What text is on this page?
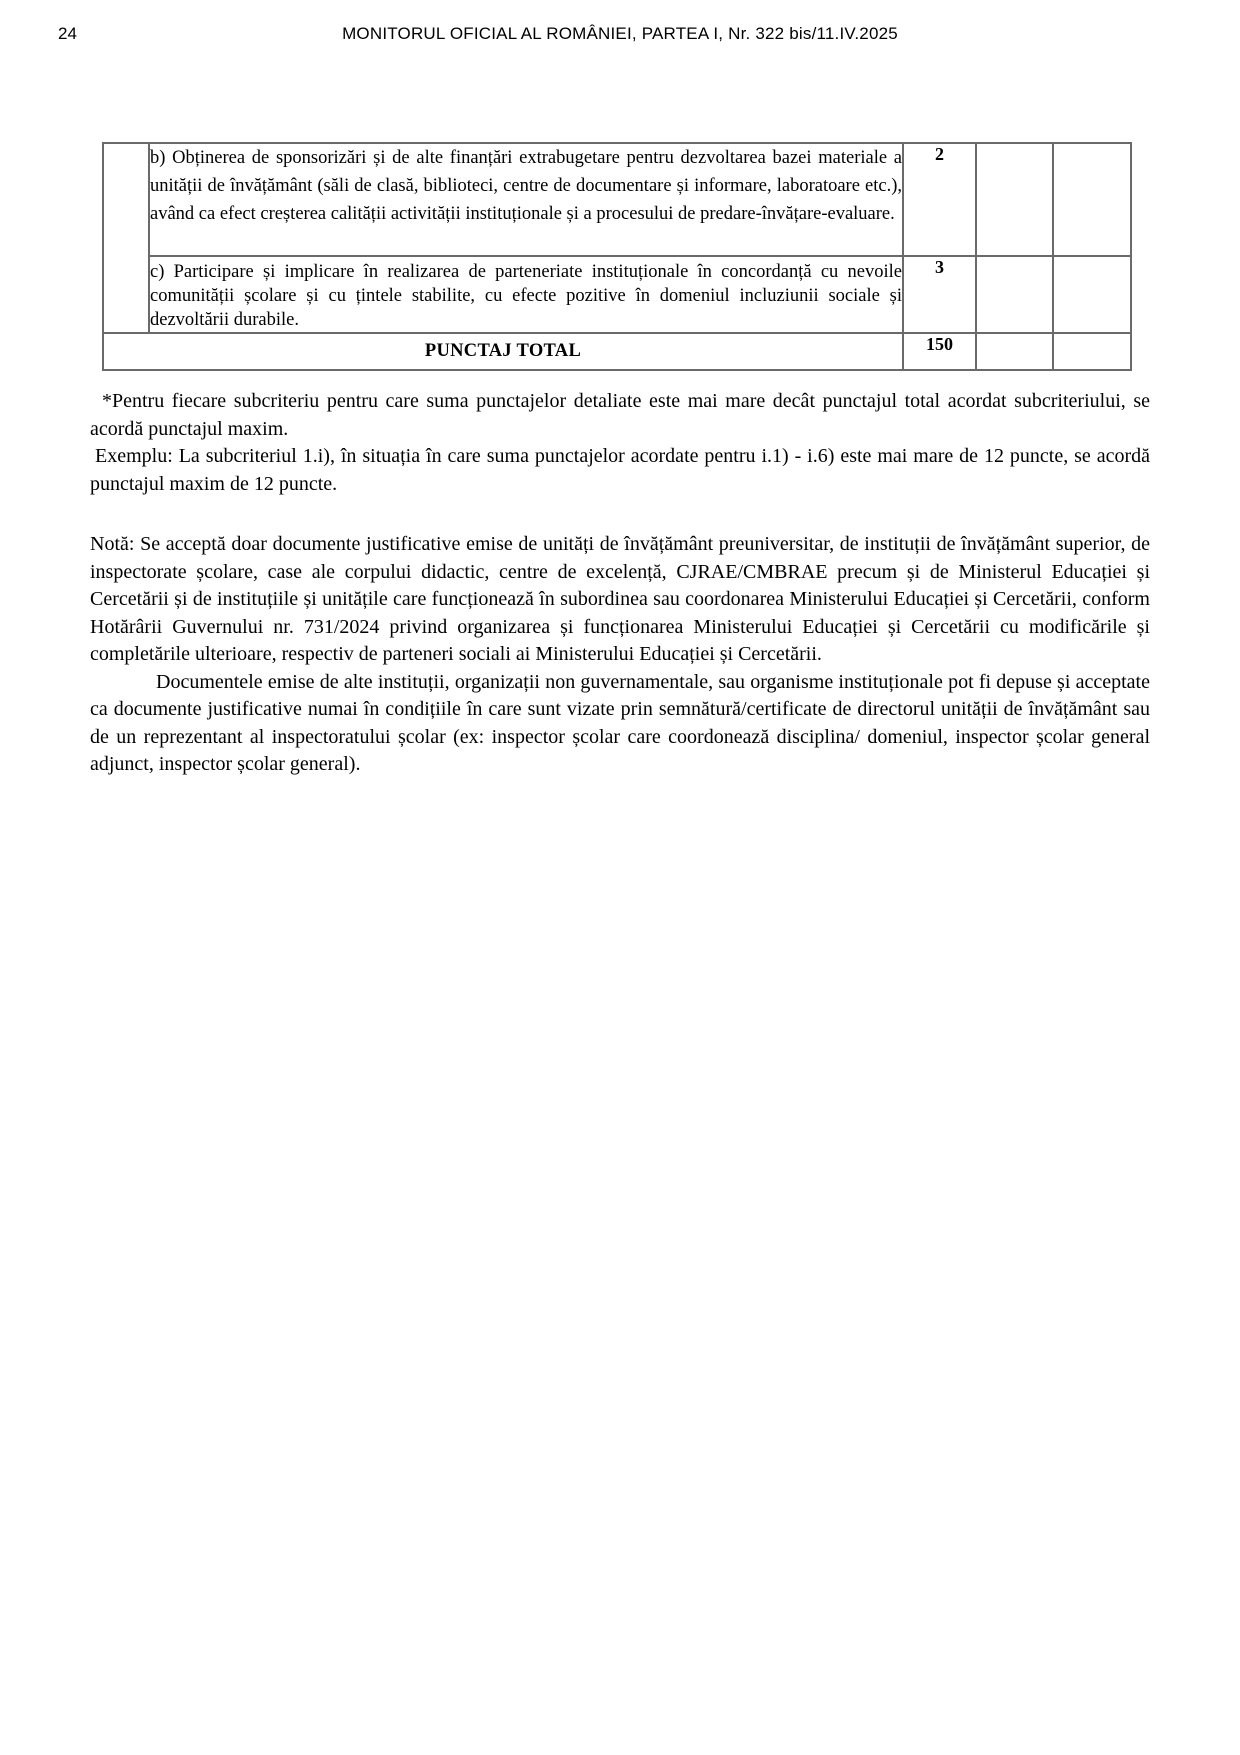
24	MONITORUL OFICIAL AL ROMÂNIEI, PARTEA I, Nr. 322 bis/11.IV.2025
	b) Obținerea de sponsorizări și de alte finanțări extrabugetare pentru dezvoltarea bazei materiale a unității de învățământ (săli de clasă, biblioteci, centre de documentare și informare, laboratoare etc.), având ca efect creșterea calității activității instituționale și a procesului de predare-învățare-evaluare.	2		
	c) Participare și implicare în realizarea de parteneriate instituționale în concordanță cu nevoile comunității școlare și cu țintele stabilite, cu efecte pozitive în domeniul incluziunii sociale și dezvoltării durabile.	3		
PUNCTAJ TOTAL		150		

*Pentru fiecare subcriteriu pentru care suma punctajelor detaliate este mai mare decât punctajul total acordat subcriteriului, se acordă punctajul maxim.

Exemplu: La subcriteriul 1.i), în situația în care suma punctajelor acordate pentru i.1) - i.6) este mai mare de 12 puncte, se acordă punctajul maxim de 12 puncte.

Notă: Se acceptă doar documente justificative emise de unități de învățământ preuniversitar, de instituții de învățământ superior, de inspectorate școlare, case ale corpului didactic, centre de excelență, CJRAE/CMBRAE precum și de Ministerul Educației și Cercetării și de instituțiile și unitățile care funcționează în subordinea sau coordonarea Ministerului Educației și Cercetării, conform Hotărârii Guvernului nr. 731/2024 privind organizarea și funcționarea Ministerului Educației și Cercetării cu modificările și completările ulterioare, respectiv de parteneri sociali ai Ministerului Educației și Cercetării.

Documentele emise de alte instituții, organizații non guvernamentale, sau organisme instituționale pot fi depuse și acceptate ca documente justificative numai în condițiile în care sunt vizate prin semnătură/certificate de directorul unității de învățământ sau de un reprezentant al inspectoratului școlar (ex: inspector școlar care coordonează disciplina/ domeniul, inspector școlar general adjunct, inspector școlar general).
